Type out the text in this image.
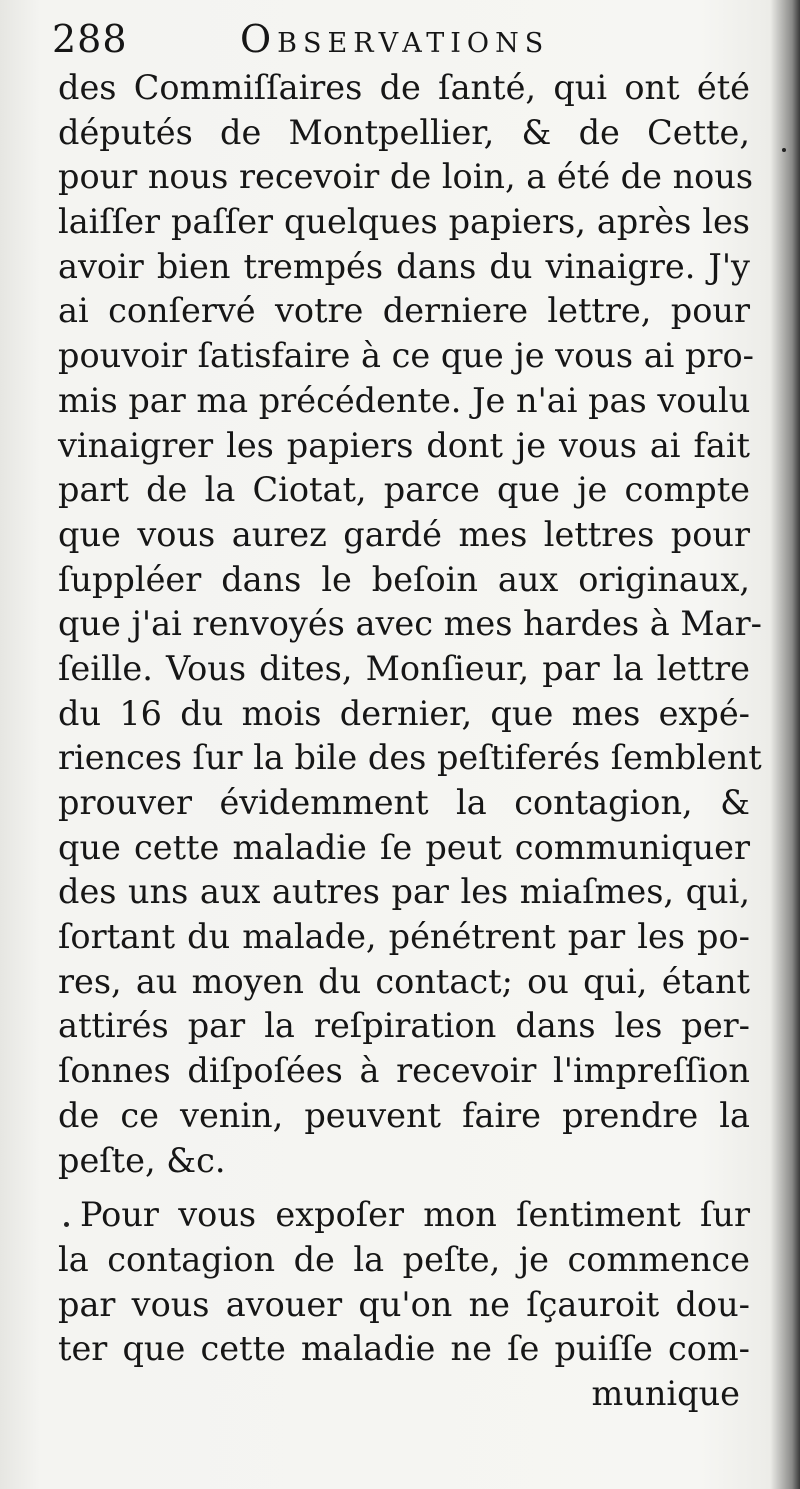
288	Observations
des Commiſſaires de ſanté, qui ont été
députés de Montpellier, & de Cette,
pour nous recevoir de loin, a été de nous
laiſſer paſſer quelques papiers, après les
avoir bien trempés dans du vinaigre. J'y
ai conſervé votre derniere lettre, pour
pouvoir ſatisfaire à ce que je vous ai pro-
mis par ma précédente. Je n'ai pas voulu
vinaigrer les papiers dont je vous ai fait
part de la Ciotat, parce que je compte
que vous aurez gardé mes lettres pour
ſuppléer dans le beſoin aux originaux,
que j'ai renvoyés avec mes hardes à Mar-
ſeille. Vous dites, Monſieur, par la lettre
du 16 du mois dernier, que mes expé-
riences ſur la bile des peſtiferés ſemblent
prouver évidemment la contagion, &
que cette maladie ſe peut communiquer
des uns aux autres par les miaſmes, qui,
ſortant du malade, pénétrent par les po-
res, au moyen du contact; ou qui, étant
attirés par la reſpiration dans les per-
ſonnes diſpoſées à recevoir l'impreſſion
de ce venin, peuvent faire prendre la
peſte, &c.
Pour vous expoſer mon ſentiment ſur
la contagion de la peſte, je commence
par vous avouer qu'on ne ſçauroit dou-
ter que cette maladie ne ſe puiſſe com-
munique
